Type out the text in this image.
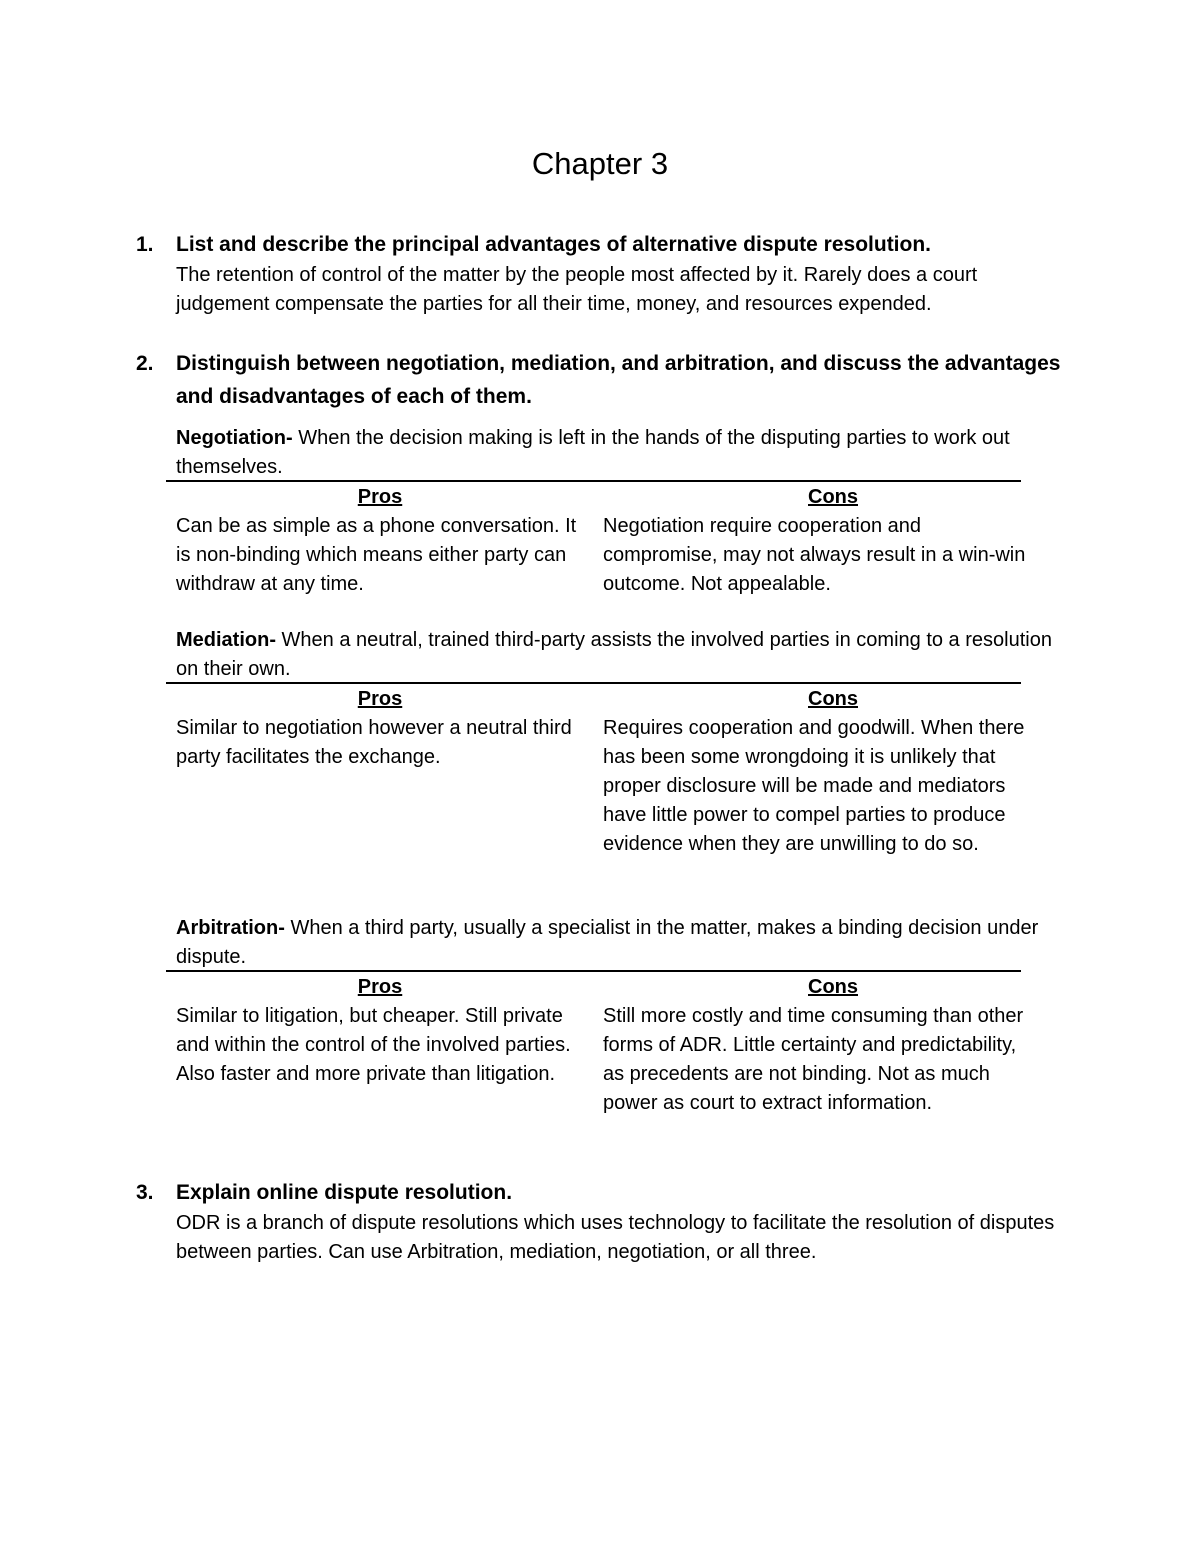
Chapter 3
1. List and describe the principal advantages of alternative dispute resolution.
The retention of control of the matter by the people most affected by it. Rarely does a court judgement compensate the parties for all their time, money, and resources expended.
2. Distinguish between negotiation, mediation, and arbitration, and discuss the advantages and disadvantages of each of them.
Negotiation- When the decision making is left in the hands of the disputing parties to work out themselves.
Pros
Can be as simple as a phone conversation. It is non-binding which means either party can withdraw at any time.
Cons
Negotiation require cooperation and compromise, may not always result in a win-win outcome. Not appealable.
Mediation- When a neutral, trained third-party assists the involved parties in coming to a resolution on their own.
Pros
Similar to negotiation however a neutral third party facilitates the exchange.
Cons
Requires cooperation and goodwill. When there has been some wrongdoing it is unlikely that proper disclosure will be made and mediators have little power to compel parties to produce evidence when they are unwilling to do so.
Arbitration- When a third party, usually a specialist in the matter, makes a binding decision under dispute.
Pros
Similar to litigation, but cheaper. Still private and within the control of the involved parties. Also faster and more private than litigation.
Cons
Still more costly and time consuming than other forms of ADR. Little certainty and predictability, as precedents are not binding. Not as much power as court to extract information.
3. Explain online dispute resolution.
ODR is a branch of dispute resolutions which uses technology to facilitate the resolution of disputes between parties. Can use Arbitration, mediation, negotiation, or all three.
